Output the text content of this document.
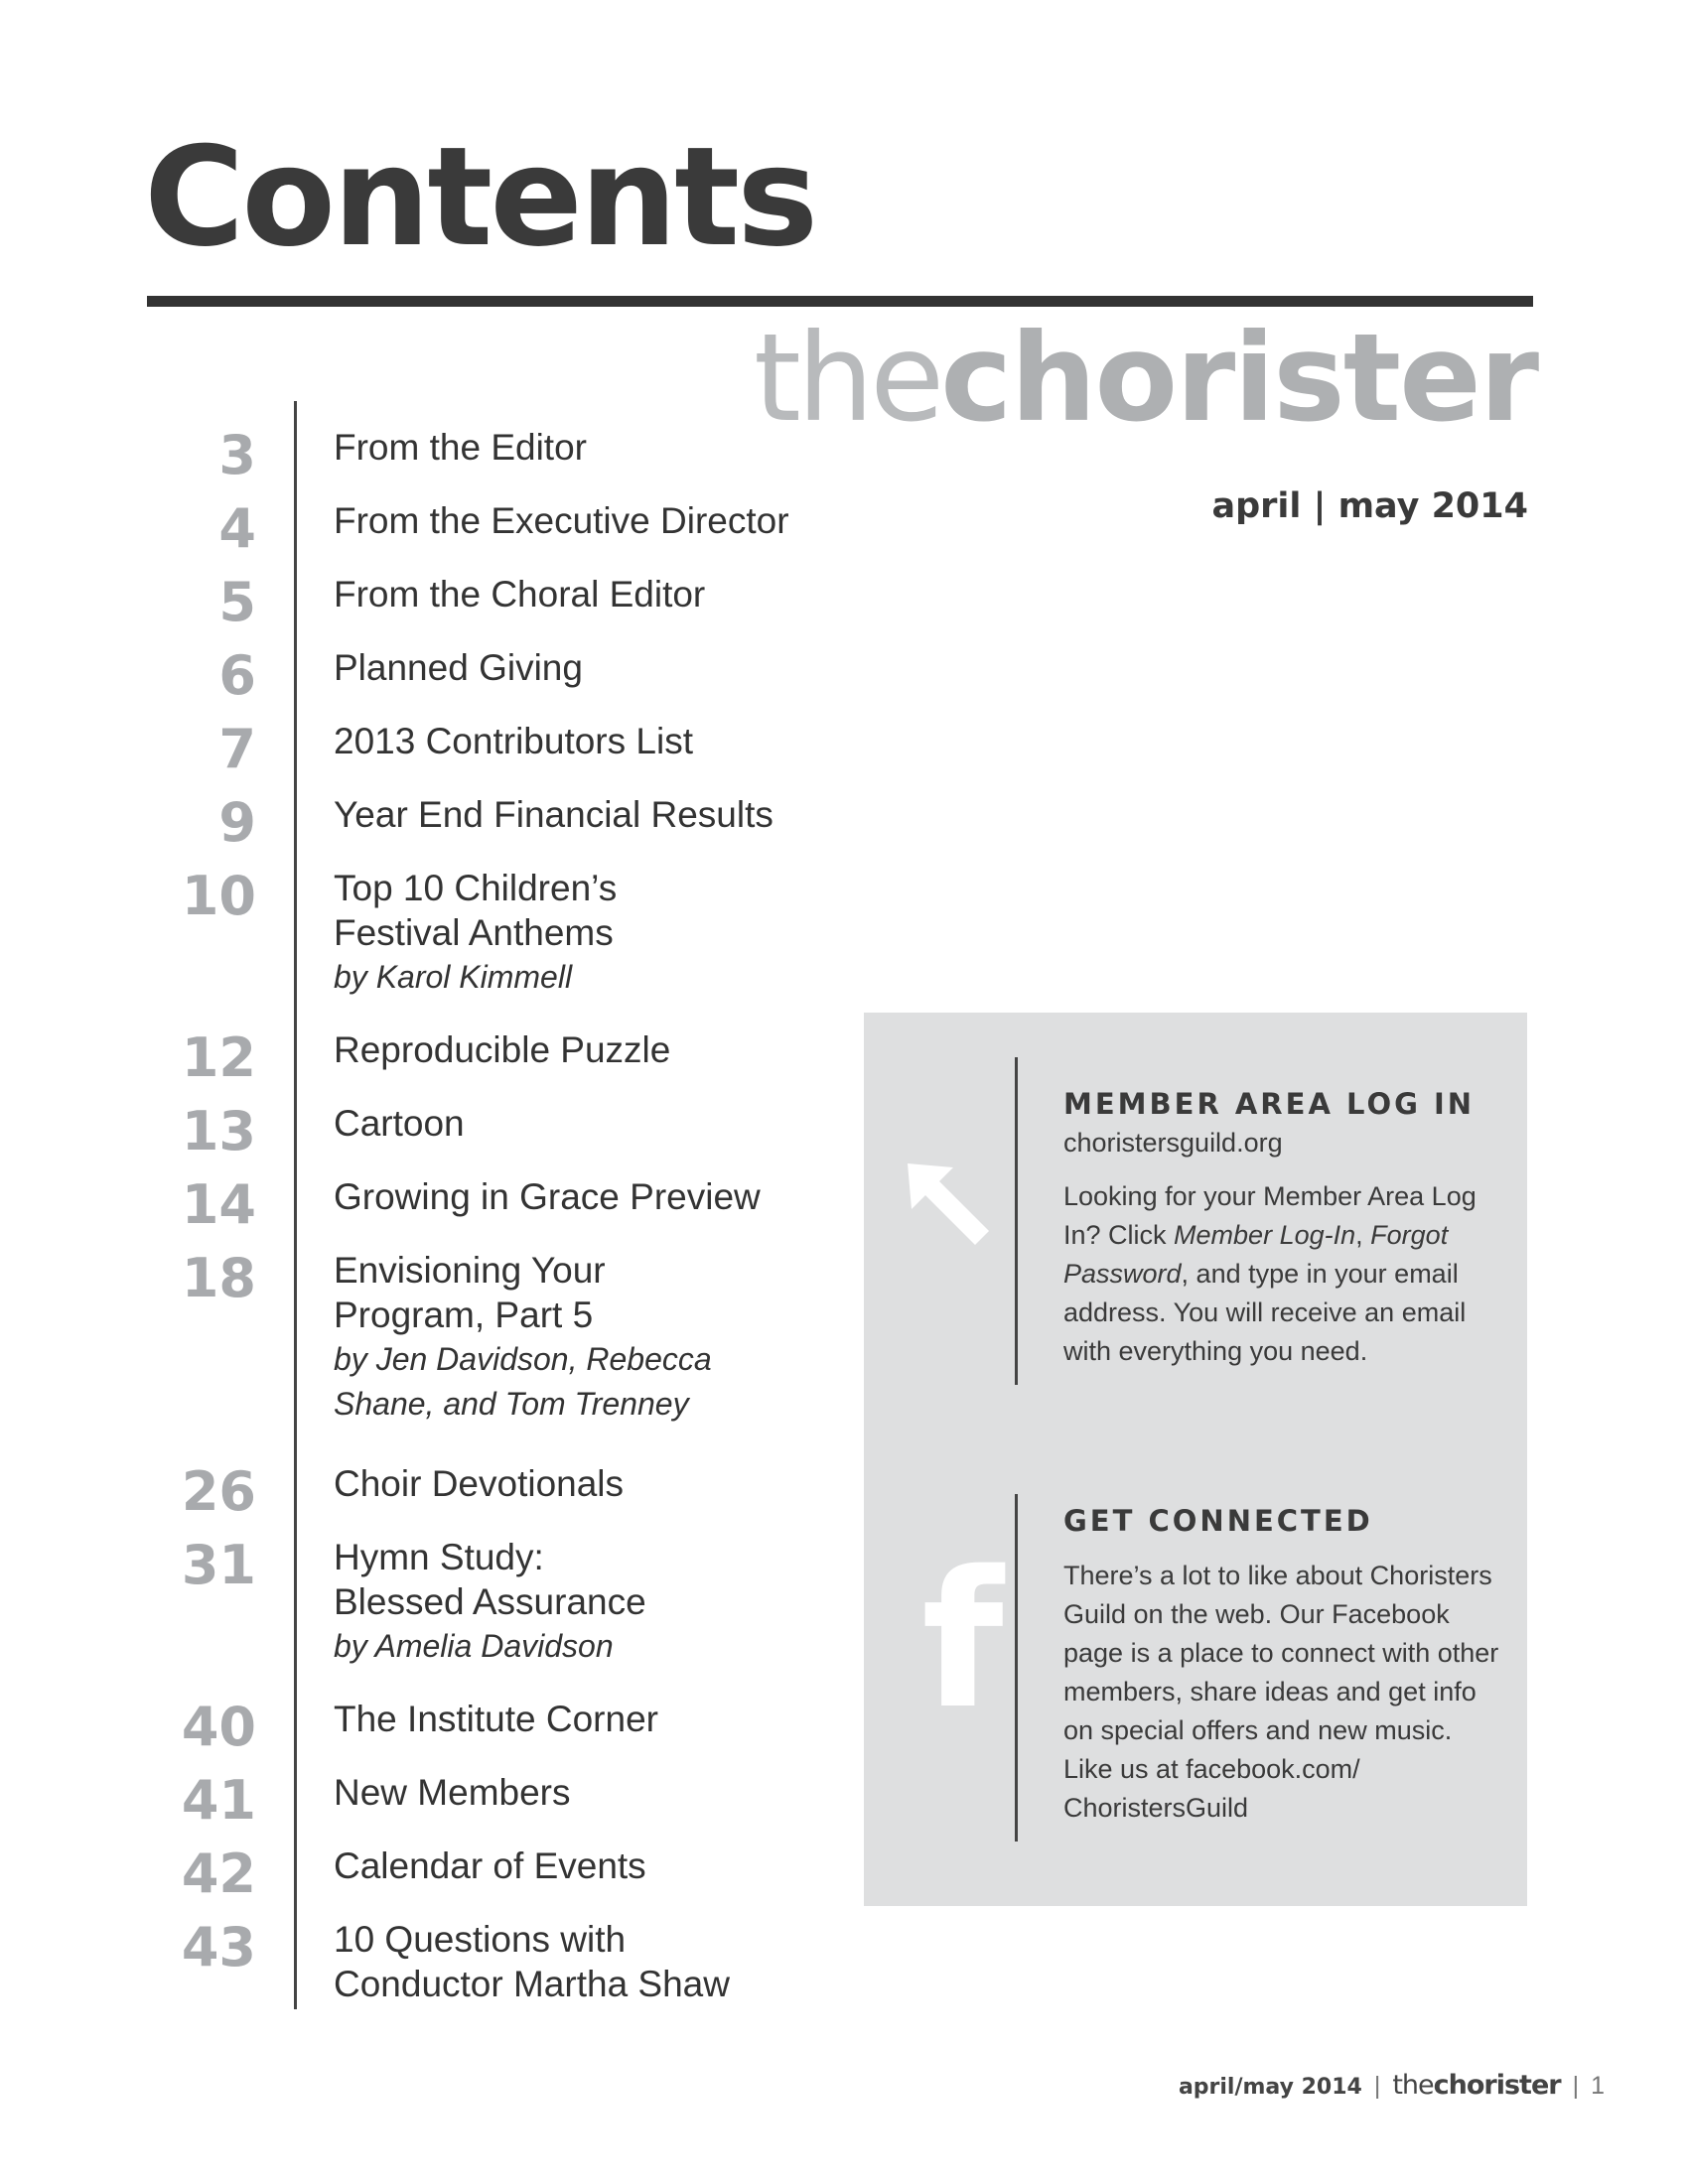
Contents
thechorister
april | may 2014
3 From the Editor
4 From the Executive Director
5 From the Choral Editor
6 Planned Giving
7 2013 Contributors List
9 Year End Financial Results
10 Top 10 Children’s
Festival Anthems
by Karol Kimmell
12 Reproducible Puzzle
13 Cartoon
14 Growing in Grace Preview
18 Envisioning Your
Program, Part 5
by Jen Davidson, Rebecca Shane, and Tom Trenney
26 Choir Devotionals
31 Hymn Study:
Blessed Assurance
by Amelia Davidson
40 The Institute Corner
41 New Members
42 Calendar of Events
43 10 Questions with
Conductor Martha Shaw
MEMBER AREA LOG IN
choristersguild.org
Looking for your Member Area Log In? Click Member Log-In, Forgot Password, and type in your email address. You will receive an email with everything you need.
f
GET CONNECTED
There’s a lot to like about Choristers Guild on the web. Our Facebook page is a place to connect with other members, share ideas and get info on special offers and new music. Like us at facebook.com/ ChoristersGuild
april/may 2014 | thechorister | 1
